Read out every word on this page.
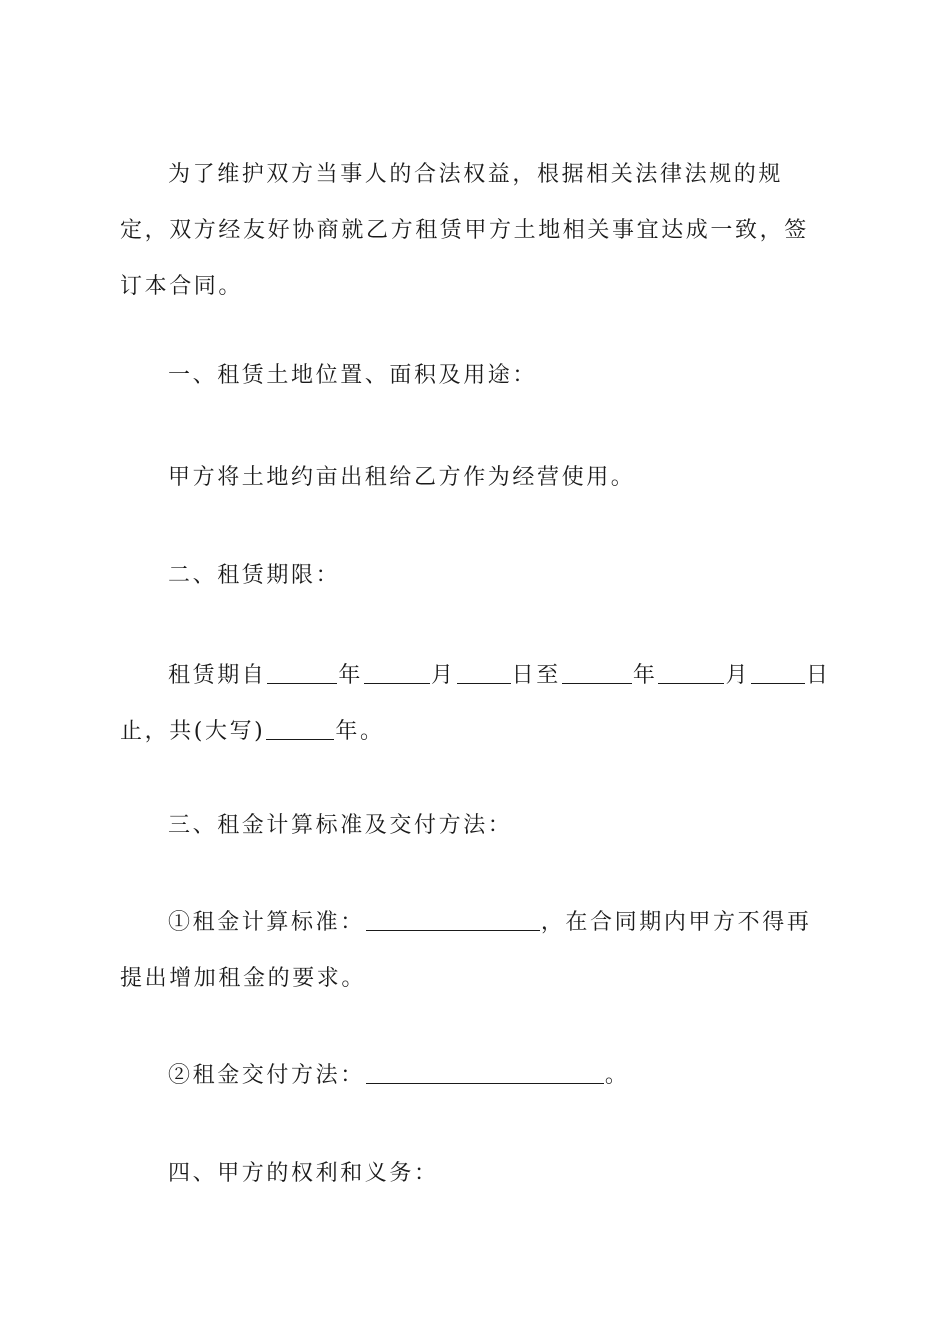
为了维护双方当事人的合法权益，根据相关法律法规的规定，双方经友好协商就乙方租赁甲方土地相关事宜达成一致，签订本合同。

一、租赁土地位置、面积及用途：

甲方将土地约亩出租给乙方作为经营使用。

二、租赁期限：

租赁期自	年	月	日至	年	月	日止，共(大写)	年。

三、租金计算标准及交付方法：

①租金计算标准：	，在合同期内甲方不得再提出增加租金的要求。

②租金交付方法：	。

四、甲方的权利和义务：
